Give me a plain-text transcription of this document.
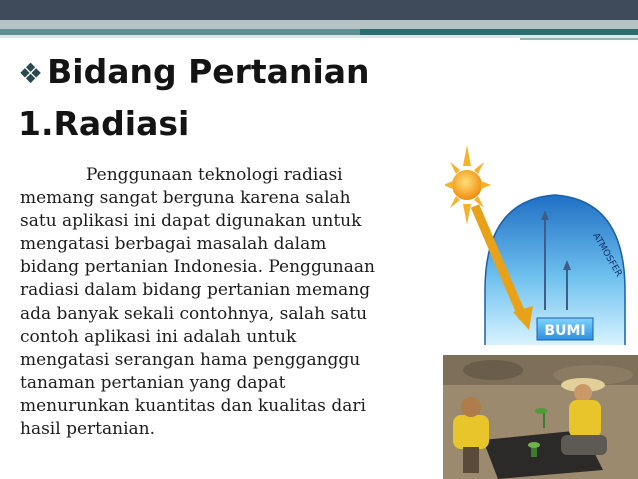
❖ Bidang Pertanian
1.Radiasi
Penggunaan teknologi radiasi
memang sangat berguna karena salah
satu aplikasi ini dapat digunakan untuk
mengatasi berbagai masalah dalam
bidang pertanian Indonesia. Penggunaan
radiasi dalam bidang pertanian memang
ada banyak sekali contohnya, salah satu
contoh aplikasi ini adalah untuk
mengatasi serangan hama pengganggu
tanaman pertanian yang dapat
menurunkan kuantitas dan kualitas dari
hasil pertanian.
ATMOSFER
BUMI
